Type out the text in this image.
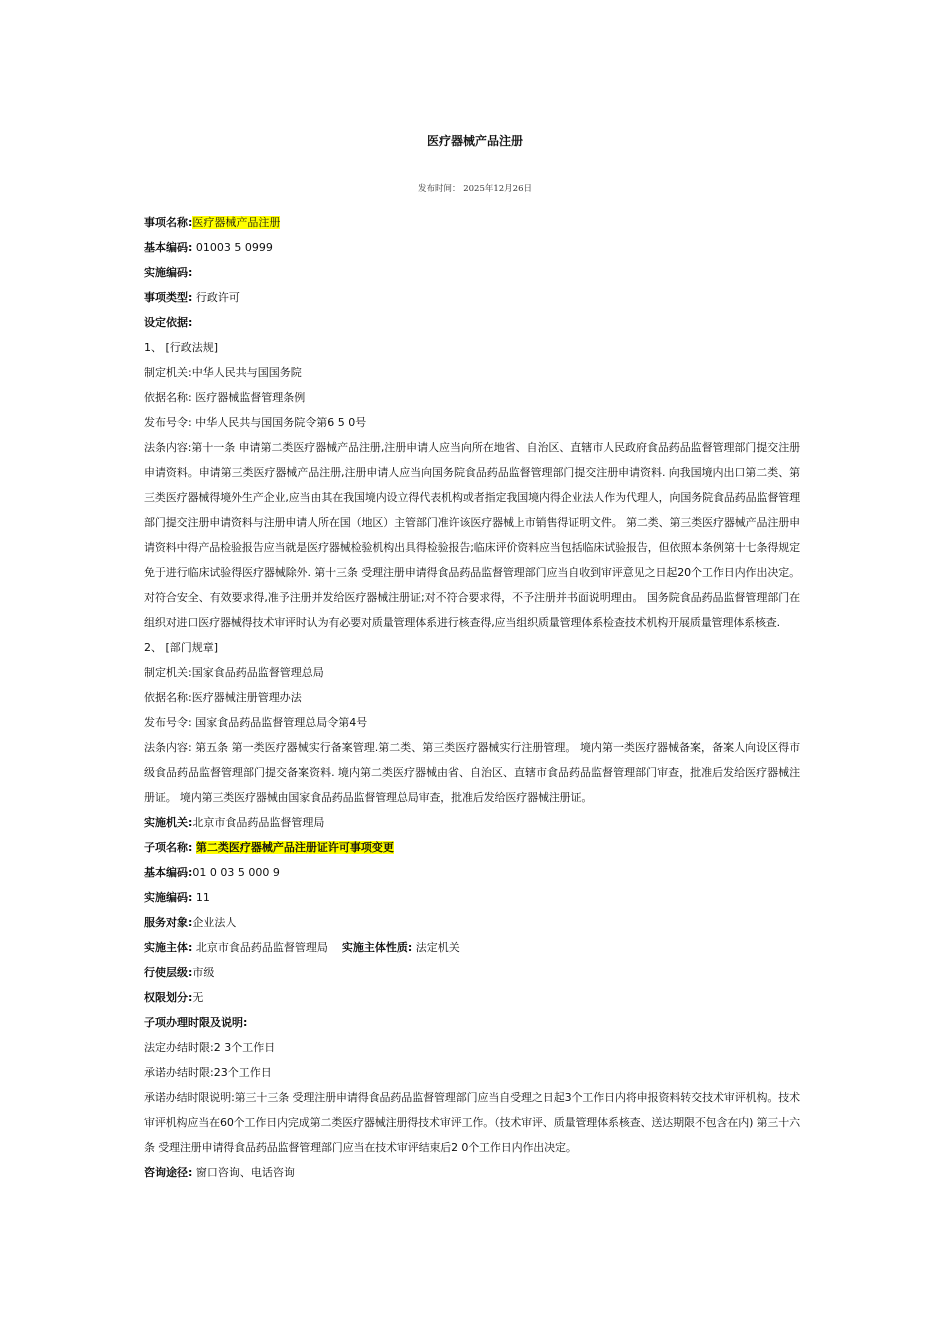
医疗器械产品注册
发布时间： 2025年12月26日
事项名称:医疗器械产品注册
基本编码: 01003 5 0999
实施编码:
事项类型: 行政许可
设定依据:
1、 [行政法规]
制定机关:中华人民共与国国务院
依据名称: 医疗器械监督管理条例
发布号令: 中华人民共与国国务院令第6 5 0号
法条内容:第十一条 申请第二类医疗器械产品注册,注册申请人应当向所在地省、自治区、直辖市人民政府食品药品监督管理部门提交注册申请资料。申请第三类医疗器械产品注册,注册申请人应当向国务院食品药品监督管理部门提交注册申请资料. 向我国境内出口第二类、第三类医疗器械得境外生产企业,应当由其在我国境内设立得代表机构或者指定我国境内得企业法人作为代理人，向国务院食品药品监督管理部门提交注册申请资料与注册申请人所在国（地区）主管部门准许该医疗器械上市销售得证明文件。 第二类、第三类医疗器械产品注册申请资料中得产品检验报告应当就是医疗器械检验机构出具得检验报告;临床评价资料应当包括临床试验报告，但依照本条例第十七条得规定免于进行临床试验得医疗器械除外. 第十三条 受理注册申请得食品药品监督管理部门应当自收到审评意见之日起20个工作日内作出决定。对符合安全、有效要求得,准予注册并发给医疗器械注册证;对不符合要求得，不予注册并书面说明理由。 国务院食品药品监督管理部门在组织对进口医疗器械得技术审评时认为有必要对质量管理体系进行核查得,应当组织质量管理体系检查技术机构开展质量管理体系核查.
2、 [部门规章]
制定机关:国家食品药品监督管理总局
依据名称:医疗器械注册管理办法
发布号令: 国家食品药品监督管理总局令第4号
法条内容: 第五条 第一类医疗器械实行备案管理.第二类、第三类医疗器械实行注册管理。 境内第一类医疗器械备案，备案人向设区得市级食品药品监督管理部门提交备案资料. 境内第二类医疗器械由省、自治区、直辖市食品药品监督管理部门审查，批准后发给医疗器械注册证。 境内第三类医疗器械由国家食品药品监督管理总局审查，批准后发给医疗器械注册证。
实施机关:北京市食品药品监督管理局
子项名称: 第二类医疗器械产品注册证许可事项变更
基本编码:01 0 03 5 000 9
实施编码: 11
服务对象:企业法人
实施主体: 北京市食品药品监督管理局 实施主体性质: 法定机关
行使层级:市级
权限划分:无
子项办理时限及说明:
法定办结时限:2 3个工作日
承诺办结时限:23个工作日
承诺办结时限说明:第三十三条 受理注册申请得食品药品监督管理部门应当自受理之日起3个工作日内将申报资料转交技术审评机构。技术审评机构应当在60个工作日内完成第二类医疗器械注册得技术审评工作。（技术审评、质量管理体系核查、送达期限不包含在内) 第三十六条 受理注册申请得食品药品监督管理部门应当在技术审评结束后2 0个工作日内作出决定。
咨询途径: 窗口咨询、电话咨询
